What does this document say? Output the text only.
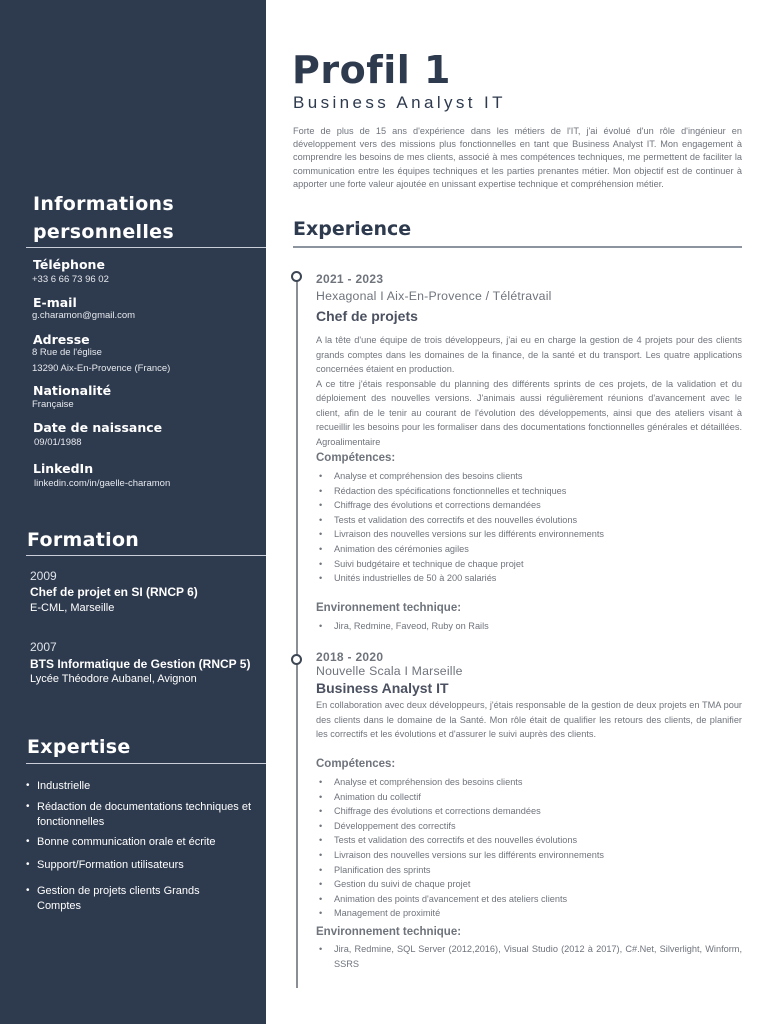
Informations
personnelles
Téléphone
+33 6 66 73 96 02
E-mail
g.charamon@gmail.com
Adresse
8 Rue de l'église
13290 Aix-En-Provence (France)
Nationalité
Française
Date de naissance
09/01/1988
LinkedIn
linkedin.com/in/gaelle-charamon
Formation
2009
Chef de projet en SI (RNCP 6)
E-CML, Marseille
2007
BTS Informatique de Gestion (RNCP 5)
Lycée Théodore Aubanel, Avignon
Expertise
• Industrielle
• Rédaction de documentations techniques et fonctionnelles
• Bonne communication orale et écrite
• Support/Formation utilisateurs
• Gestion de projets clients Grands Comptes
Profil 1
Business Analyst IT

Forte de plus de 15 ans d'expérience dans les métiers de l'IT, j'ai évolué d'un rôle d'ingénieur en développement vers des missions plus fonctionnelles en tant que Business Analyst IT. Mon engagement à comprendre les besoins de mes clients, associé à mes compétences techniques, me permettent de faciliter la communication entre les équipes techniques et les parties prenantes métier. Mon objectif est de continuer à apporter une forte valeur ajoutée en unissant expertise technique et compréhension métier.

Experience
2021 - 2023
Hexagonal I Aix-En-Provence / Télétravail
Chef de projets

A la tête d'une équipe de trois développeurs, j'ai eu en charge la gestion de 4 projets pour des clients grands comptes dans les domaines de la finance, de la santé et du transport. Les quatre applications concernées étaient en production.
A ce titre j'étais responsable du planning des différents sprints de ces projets, de la validation et du déploiement des nouvelles versions. J'animais aussi régulièrement réunions d'avancement avec le client, afin de le tenir au courant de l'évolution des développements, ainsi que des ateliers visant à recueillir les besoins pour les formaliser dans des documentations fonctionnelles générales et détaillées. Agroalimentaire

Compétences:
• Analyse et compréhension des besoins clients
• Rédaction des spécifications fonctionnelles et techniques
• Chiffrage des évolutions et corrections demandées
• Tests et validation des correctifs et des nouvelles évolutions
• Livraison des nouvelles versions sur les différents environnements
• Animation des cérémonies agiles
• Suivi budgétaire et technique de chaque projet
• Unités industrielles de 50 à 200 salariés
Environnement technique:
• Jira, Redmine, Faveod, Ruby on Rails
2018 - 2020
Nouvelle Scala I Marseille
Business Analyst IT

En collaboration avec deux développeurs, j'étais responsable de la gestion de deux projets en TMA pour des clients dans le domaine de la Santé. Mon rôle était de qualifier les retours des clients, de planifier les correctifs et les évolutions et d'assurer le suivi auprès des clients.

Compétences:
• Analyse et compréhension des besoins clients
• Animation du collectif
• Chiffrage des évolutions et corrections demandées
• Développement des correctifs
• Tests et validation des correctifs et des nouvelles évolutions
• Livraison des nouvelles versions sur les différents environnements
• Planification des sprints
• Gestion du suivi de chaque projet
• Animation des points d'avancement et des ateliers clients
• Management de proximité
Environnement technique:
• Jira, Redmine, SQL Server (2012,2016), Visual Studio (2012 à 2017), C#.Net, Silverlight, Winform, SSRS
